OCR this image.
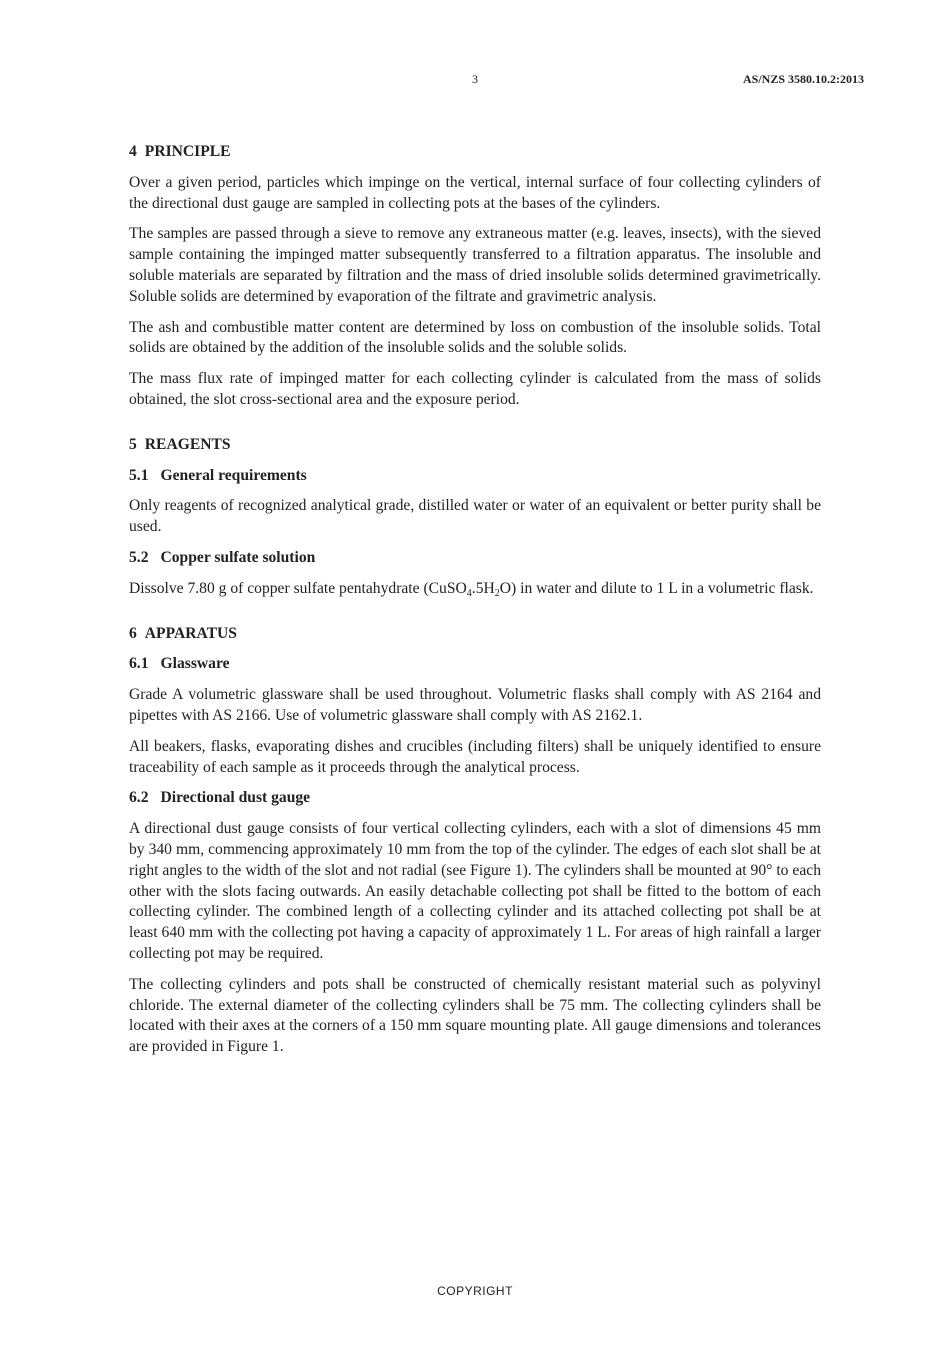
3	AS/NZS 3580.10.2:2013
4 PRINCIPLE

Over a given period, particles which impinge on the vertical, internal surface of four collecting cylinders of the directional dust gauge are sampled in collecting pots at the bases of the cylinders.

The samples are passed through a sieve to remove any extraneous matter (e.g. leaves, insects), with the sieved sample containing the impinged matter subsequently transferred to a filtration apparatus. The insoluble and soluble materials are separated by filtration and the mass of dried insoluble solids determined gravimetrically. Soluble solids are determined by evaporation of the filtrate and gravimetric analysis.

The ash and combustible matter content are determined by loss on combustion of the insoluble solids. Total solids are obtained by the addition of the insoluble solids and the soluble solids.

The mass flux rate of impinged matter for each collecting cylinder is calculated from the mass of solids obtained, the slot cross-sectional area and the exposure period.

5 REAGENTS
5.1 General requirements

Only reagents of recognized analytical grade, distilled water or water of an equivalent or better purity shall be used.

5.2 Copper sulfate solution

Dissolve 7.80 g of copper sulfate pentahydrate $(CuSO_4.5H_2O)$ in water and dilute to 1 L in a volumetric flask.

6 APPARATUS
6.1 Glassware

Grade A volumetric glassware shall be used throughout. Volumetric flasks shall comply with AS 2164 and pipettes with AS 2166. Use of volumetric glassware shall comply with AS 2162.1.

All beakers, flasks, evaporating dishes and crucibles (including filters) shall be uniquely identified to ensure traceability of each sample as it proceeds through the analytical process.

6.2 Directional dust gauge

A directional dust gauge consists of four vertical collecting cylinders, each with a slot of dimensions 45 mm by 340 mm, commencing approximately 10 mm from the top of the cylinder. The edges of each slot shall be at right angles to the width of the slot and not radial (see Figure 1). The cylinders shall be mounted at 90° to each other with the slots facing outwards. An easily detachable collecting pot shall be fitted to the bottom of each collecting cylinder. The combined length of a collecting cylinder and its attached collecting pot shall be at least 640 mm with the collecting pot having a capacity of approximately 1 L. For areas of high rainfall a larger collecting pot may be required.

The collecting cylinders and pots shall be constructed of chemically resistant material such as polyvinyl chloride. The external diameter of the collecting cylinders shall be 75 mm. The collecting cylinders shall be located with their axes at the corners of a 150 mm square mounting plate. All gauge dimensions and tolerances are provided in Figure 1.

COPYRIGHT
